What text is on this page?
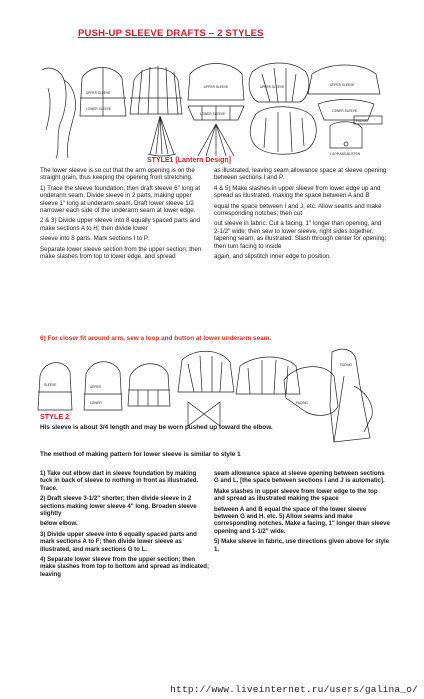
PUSH-UP SLEEVE DRAFTS – 2 STYLES
UPPER SLEEVE
LOWER SLEEVE
UPPER SLEEVE
LOWER SLEEVE
UPPER SLEEVE	UPPER SLEEVE
LOWER SLEEVE
FACING
LOOP AND BUTTON
STYLE1 [Lantern Design]

The lower sleeve is so cut that the arm opening is on the straight grain, thus keeping the opening from stretching.

1) Trace the sleeve foundation, then draft sleeve 6" long at underarm seam. Divide sleeve in 2 parts, making upper sleeve 1" long at underarm seam. Draft lower sleeve 1/2 narrower each side of the underarm seam at lower edge.

2 & 3) Divide upper sleeve into 8 equally spaced parts and make sections A to H; then divide lower

sleeve into 8 parts. Mark sections I to P.

Separate lower sleeve section from the upper section; then make slashes from top to lower edge, and spread

as illustrated, leaving seam allowance space at sleeve opening between sections I and P.

4 & 5) Make slashes in upper sleeve from lower edge up and spread as illustrated, making the space between A and B

equal the space between I and J, etc. Allow seams and make corresponding notches; then cut

out sleeve in fabric. Cut a facing, 1" longer than opening, and 2-1/2" wide; then sew to lower sleeve, right sides together, tapering seam, as illustrated. Slash through center for opening; then turn facing to inside

again, and slipstitch inner edge to position.

6) For closer fit around arm, sew a loop and button at lower underarm seam.
SLEEVE	UPPER
LOWER	FACING
FACING
STYLE 2
His sleeve is about 3/4 length and may be worn pushed up toward the elbow.
The method of making pattern for lower sleeve is similar to style 1

1) Take out elbow dart in sleeve foundation by making tuck in back of sleeve to nothing in front as illustrated. Trace.

2) Draft sleeve 3-1/2" shorter; then divide sleeve in 2 sections making lower sleeve 4" long. Broaden sleeve slightly

below elbow.

3) Divide upper sleeve into 6 equally spaced parts and mark sections A to F; then divide lower sleeve as illustrated, and mark sections G to L.

4) Separate lower sleeve from the upper section; then make slashes from top to bottom and spread as indicated; leaving

seam allowance space at sleeve opening between sections G and L. [the space between sections I and J is automatic].

Make slashes in upper sleeve from lower edge to the top and spread as illustrated making the space

between A and B equal the space of the lower sleeve between G and H. etc. 5) Allow seams and make corresponding notches. Make a facing, 1" longer than sleeve opening and 1-1/2" wide.

5) Make sleeve in fabric, use directions given above for style 1.

http://www.liveinternet.ru/users/galina_o/
